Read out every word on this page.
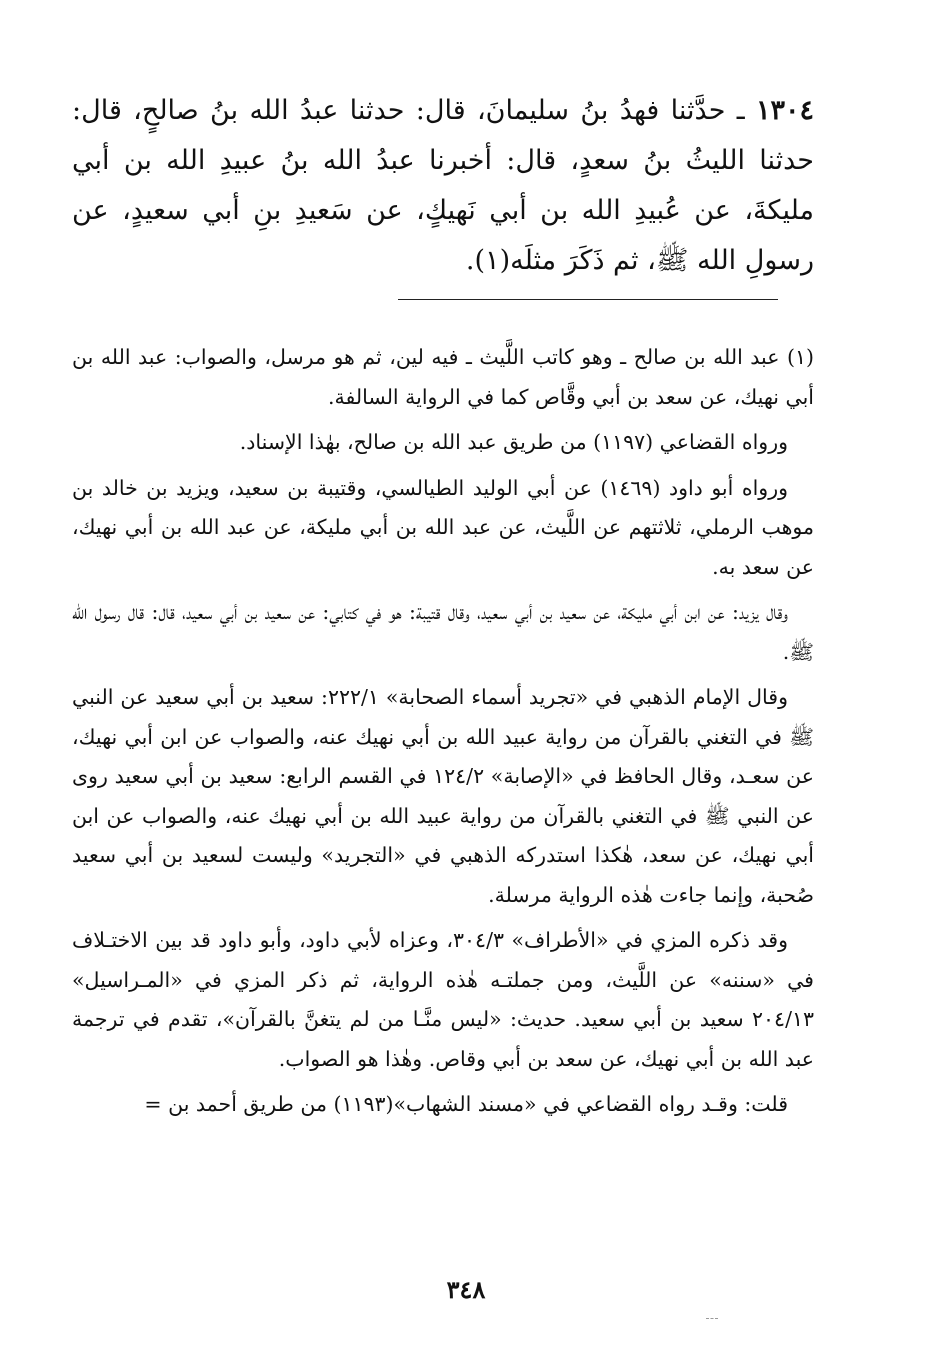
١٣٠٤ ـ حدَّثنا فهدُ بنُ سليمانَ، قال: حدثنا عبدُ الله بنُ صالحٍ، قال: حدثنا الليثُ بنُ سعدٍ، قال: أخبرنا عبدُ الله بنُ عبيدِ الله بن أبي مليكةَ، عن عُبيدِ الله بن أبي نَهيكٍ، عن سَعيدِ بنِ أبي سعيدٍ، عن رسولِ الله ﷺ، ثم ذَكَرَ مثلَه(١).

(١) عبد الله بن صالح ـ وهو كاتب اللَّيث ـ فيه لين، ثم هو مرسل، والصواب: عبد الله بن أبي نهيك، عن سعد بن أبي وقَّاص كما في الرواية السالفة.

ورواه القضاعي (١١٩٧) من طريق عبد الله بن صالح، بهٰذا الإسناد.

ورواه أبو داود (١٤٦٩) عن أبي الوليد الطيالسي، وقتيبة بن سعيد، ويزيد بن خالد بن موهب الرملي، ثلاثتهم عن اللَّيث، عن عبد الله بن أبي مليكة، عن عبد الله بن أبي نهيك، عن سعد به.

وقال يزيد: عن ابن أبي مليكة، عن سعيد بن أبي سعيد، وقال قتيبة: هو في كتابي: عن سعيد بن أبي سعيد، قال: قال رسول الله ﷺ.

وقال الإمام الذهبي في «تجريد أسماء الصحابة» ٢٢٢/١: سعيد بن أبي سعيد عن النبي ﷺ في التغني بالقرآن من رواية عبيد الله بن أبي نهيك عنه، والصواب عن ابن أبي نهيك، عن سعـد، وقال الحافظ في «الإصابة» ١٢٤/٢ في القسم الرابع: سعيد بن أبي سعيد روى عن النبي ﷺ في التغني بالقرآن من رواية عبيد الله بن أبي نهيك عنه، والصواب عن ابن أبي نهيك، عن سعد، هٰكذا استدركه الذهبي في «التجريد» وليست لسعيد بن أبي سعيد صُحبة، وإنما جاءت هٰذه الرواية مرسلة.

وقد ذكره المزي في «الأطراف» ٣٠٤/٣، وعزاه لأبي داود، وأبو داود قد بين الاختـلاف في «سننه» عن اللَّيث، ومن جملتـه هٰذه الرواية، ثم ذكر المزي في «المـراسيل» ٢٠٤/١٣ سعيد بن أبي سعيد. حديث: «ليس منَّـا من لم يتغنَّ بالقرآن»، تقدم في ترجمة عبد الله بن أبي نهيك، عن سعد بن أبي وقاص. وهٰذا هو الصواب.

قلت: وقـد رواه القضاعي في «مسند الشهاب»(١١٩٣) من طريق أحمد بن =

٣٤٨
